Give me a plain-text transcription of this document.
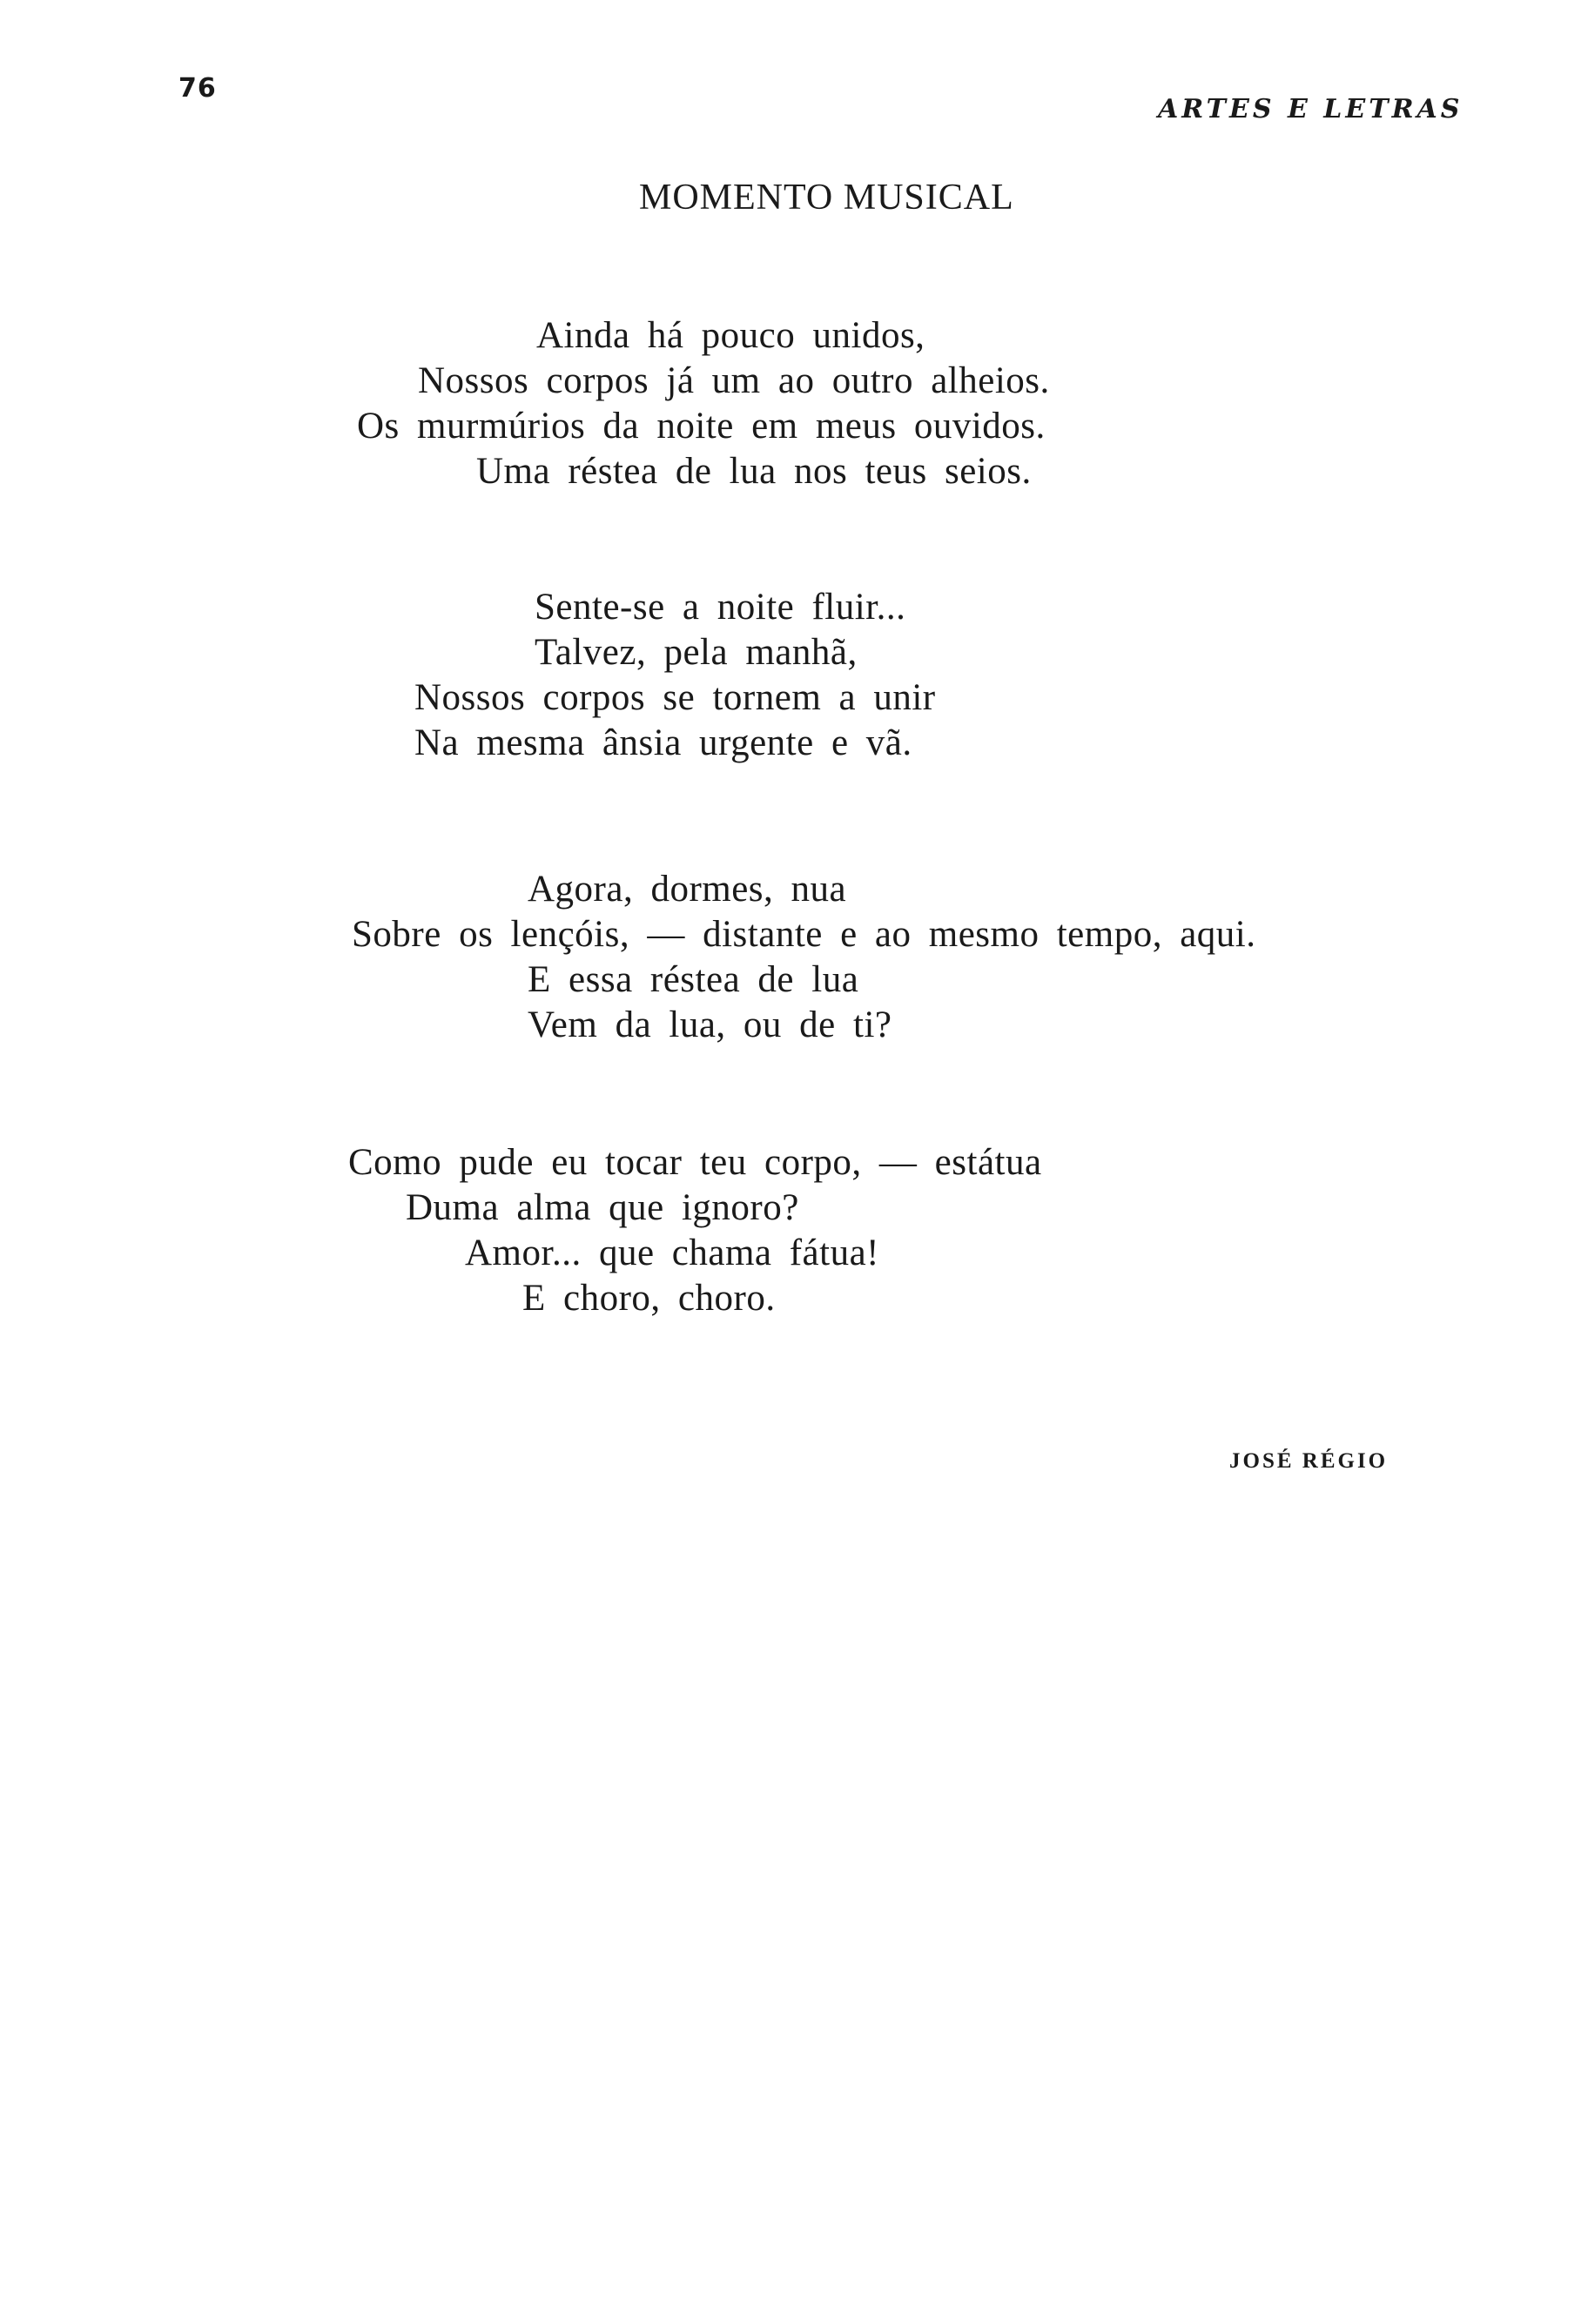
76
ARTES E LETRAS
MOMENTO MUSICAL
Ainda há pouco unidos,
Nossos corpos já um ao outro alheios.
Os murmúrios da noite em meus ouvidos.
Uma réstea de lua nos teus seios.
Sente-se a noite fluir...
Talvez, pela manhã,
Nossos corpos se tornem a unir
Na mesma ânsia urgente e vã.
Agora, dormes, nua
Sobre os lençóis, — distante e ao mesmo tempo, aqui.
E essa réstea de lua
Vem da lua, ou de ti?
Como pude eu tocar teu corpo, — estátua
Duma alma que ignoro?
Amor... que chama fátua!
E choro, choro.
JOSÉ RÉGIO
